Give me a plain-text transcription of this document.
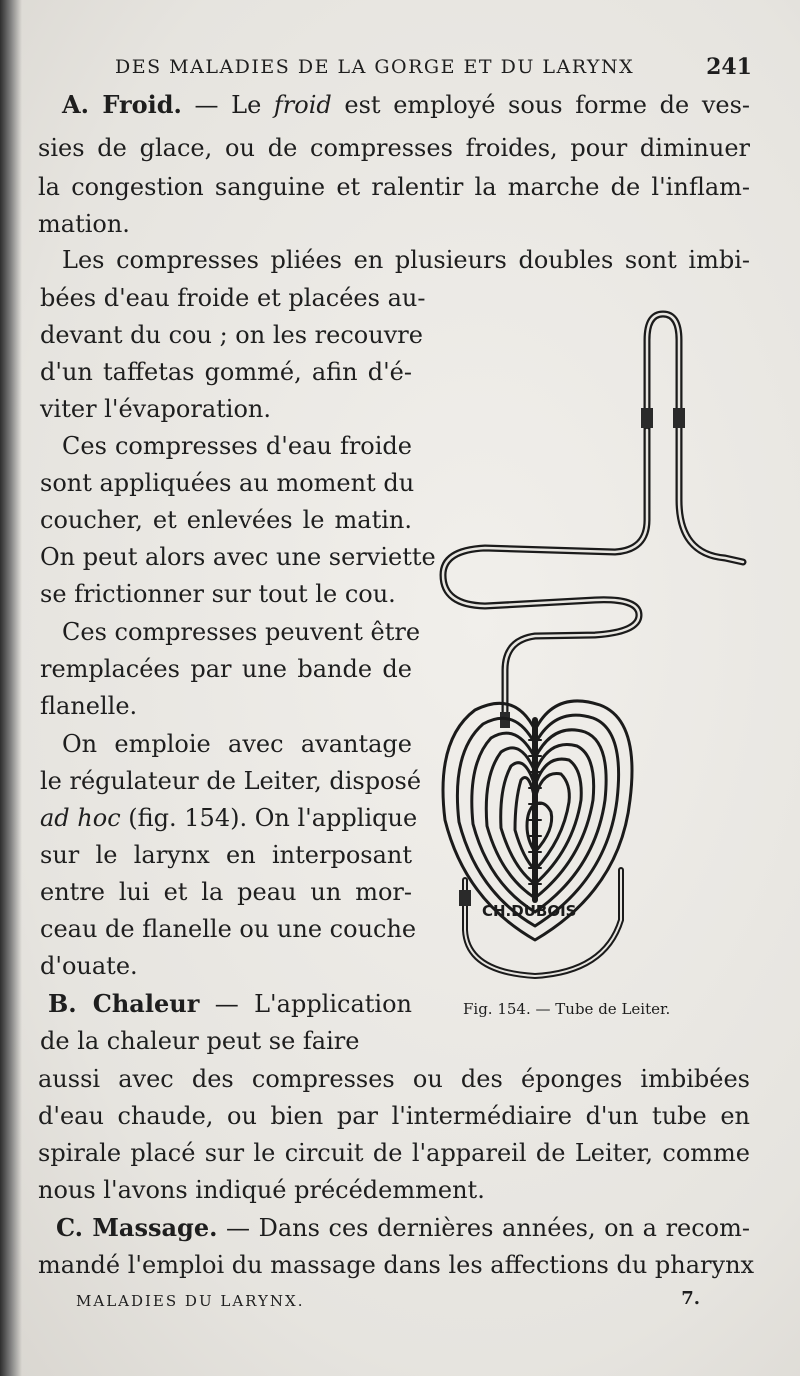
DES MALADIES DE LA GORGE ET DU LARYNX	241
A. Froid. — Le froid est employé sous forme de ves-
sies de glace, ou de compresses froides, pour diminuer
la congestion sanguine et ralentir la marche de l'inflam-
mation.
Les compresses pliées en plusieurs doubles sont imbi-
bées d'eau froide et placées au-
devant du cou ; on les recouvre
d'un taffetas gommé, afin d'é-
viter l'évaporation.
Ces compresses d'eau froide
sont appliquées au moment du
coucher, et enlevées le matin.
On peut alors avec une serviette
se frictionner sur tout le cou.
Ces compresses peuvent être
remplacées par une bande de
flanelle.
On emploie avec avantage
le régulateur de Leiter, disposé
ad hoc (fig. 154). On l'applique
sur le larynx en interposant
entre lui et la peau un mor-
ceau de flanelle ou une couche
d'ouate.
B. Chaleur — L'application
de la chaleur peut se faire
aussi avec des compresses ou des éponges imbibées
d'eau chaude, ou bien par l'intermédiaire d'un tube en
spirale placé sur le circuit de l'appareil de Leiter, comme
nous l'avons indiqué précédemment.
C. Massage. — Dans ces dernières années, on a recom-
mandé l'emploi du massage dans les affections du pharynx
CH.DUBOIS
Fig. 154. — Tube de Leiter.
MALADIES DU LARYNX.	7.
